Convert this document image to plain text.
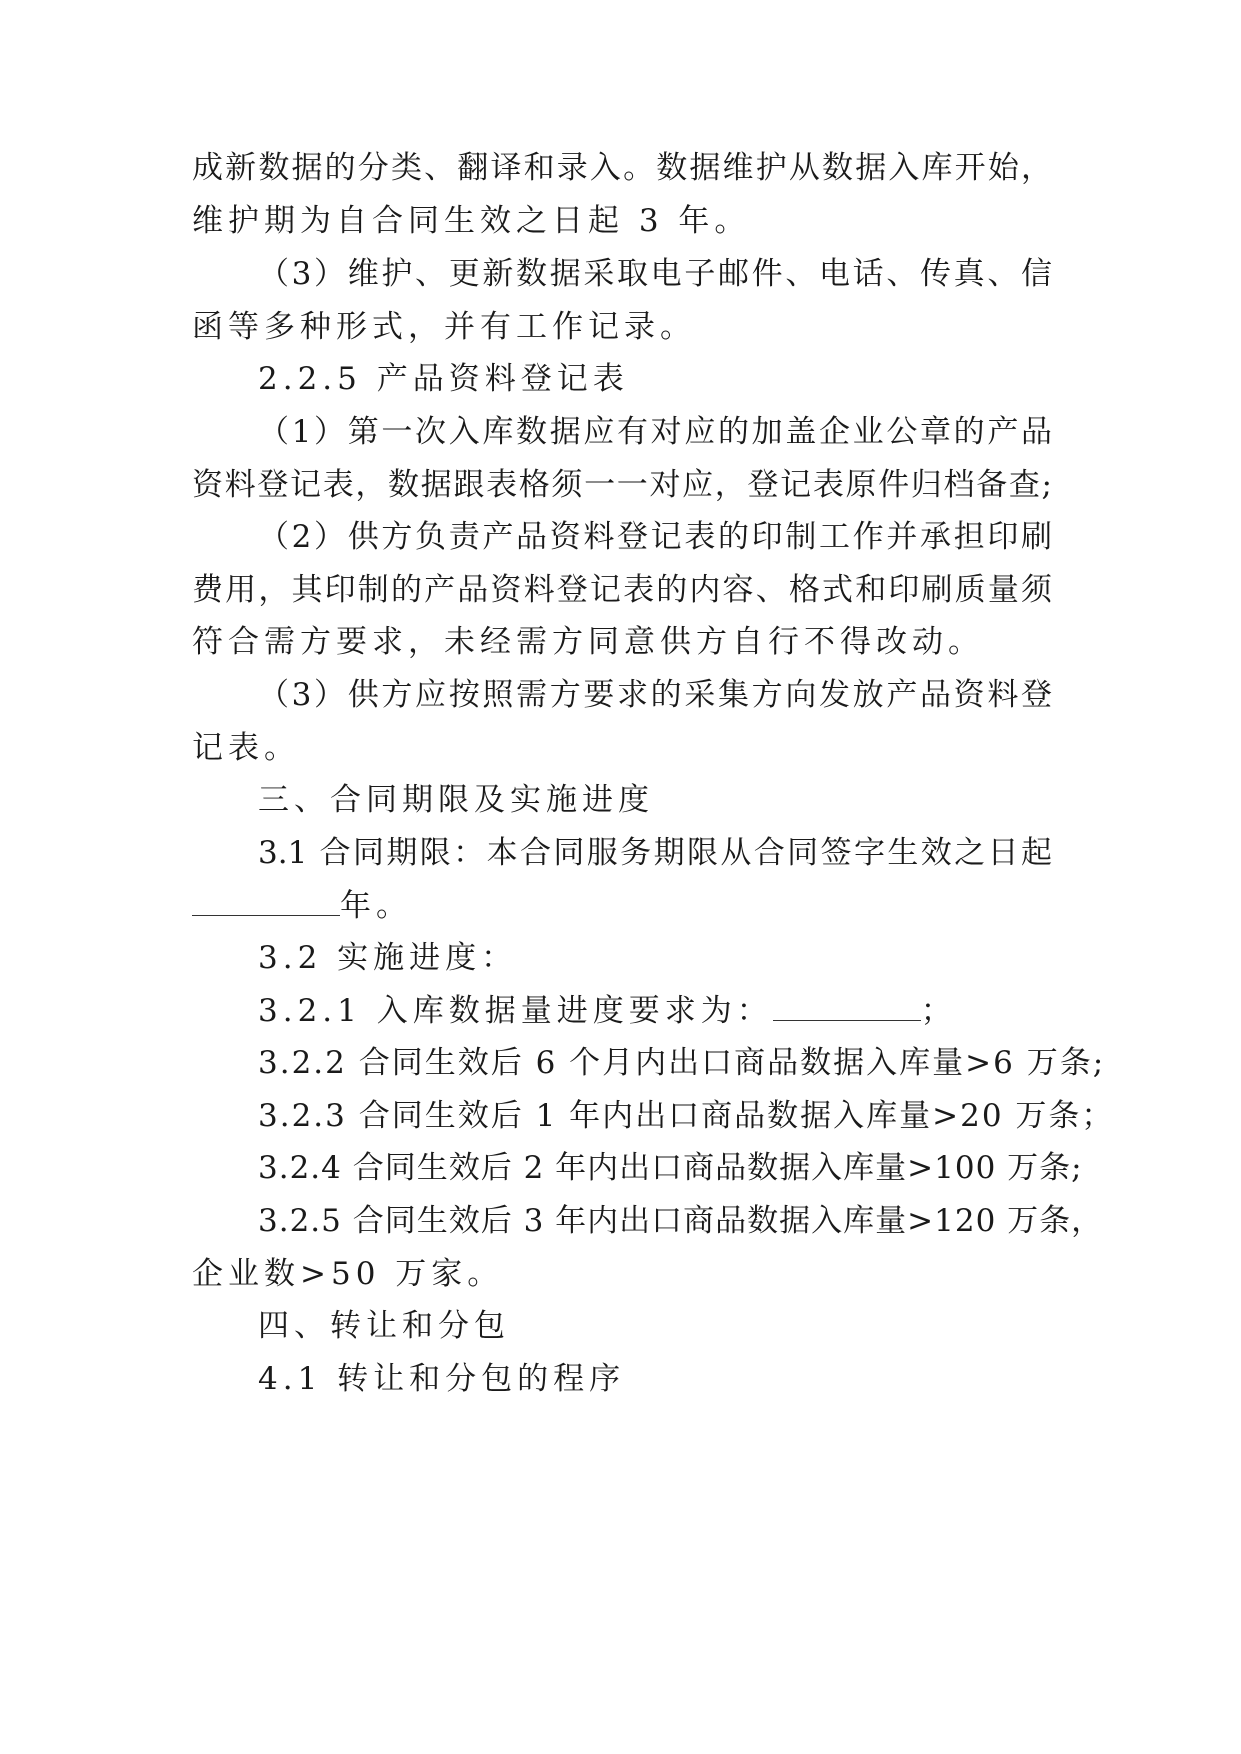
成新数据的分类、翻译和录入。数据维护从数据入库开始，
维护期为自合同生效之日起 3 年。
（3）维护、更新数据采取电子邮件、电话、传真、信
函等多种形式，并有工作记录。
2.2.5 产品资料登记表
（1）第一次入库数据应有对应的加盖企业公章的产品
资料登记表，数据跟表格须一一对应，登记表原件归档备查;
（2）供方负责产品资料登记表的印制工作并承担印刷
费用，其印制的产品资料登记表的内容、格式和印刷质量须
符合需方要求，未经需方同意供方自行不得改动。
（3）供方应按照需方要求的采集方向发放产品资料登
记表。
三、合同期限及实施进度
3.1 合同期限：本合同服务期限从合同签字生效之日起
年。
3.2 实施进度：
3.2.1 入库数据量进度要求为：	；
3.2.2 合同生效后 6 个月内出口商品数据入库量>6 万条;
3.2.3 合同生效后 1 年内出口商品数据入库量>20 万条；
3.2.4 合同生效后 2 年内出口商品数据入库量>100 万条;
3.2.5 合同生效后 3 年内出口商品数据入库量>120 万条，
企业数>50 万家。
四、转让和分包
4.1 转让和分包的程序
